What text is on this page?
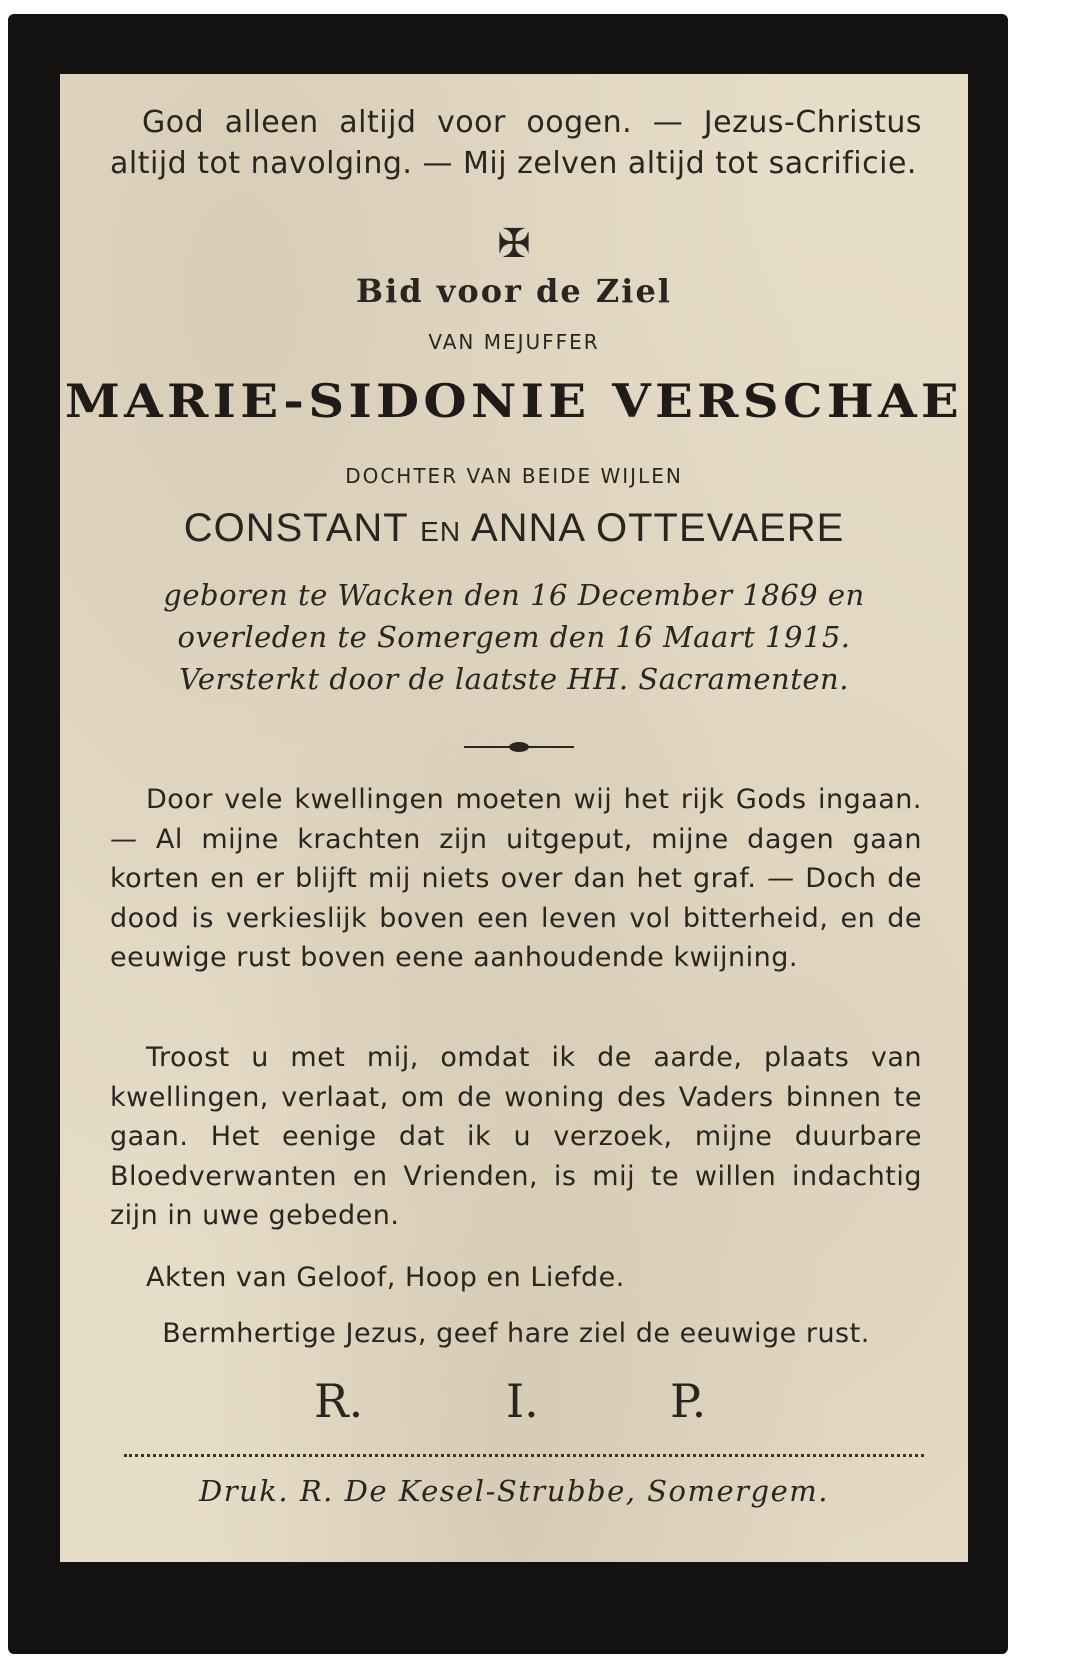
God alleen altijd voor oogen. — Jezus-Christus altijd tot navolging. — Mij zelven altijd tot sacrificie.

✠
Bid voor de Ziel
VAN MEJUFFER
MARIE-SIDONIE VERSCHAE
DOCHTER VAN BEIDE WIJLEN
CONSTANT EN ANNA OTTEVAERE
geboren te Wacken den 16 December 1869 en
overleden te Somergem den 16 Maart 1915.
Versterkt door de laatste HH. Sacramenten.

Door vele kwellingen moeten wij het rijk Gods ingaan. — Al mijne krachten zijn uitgeput, mijne dagen gaan korten en er blijft mij niets over dan het graf. — Doch de dood is verkieslijk boven een leven vol bitterheid, en de eeuwige rust boven eene aanhoudende kwijning.

Troost u met mij, omdat ik de aarde, plaats van kwellingen, verlaat, om de woning des Vaders binnen te gaan. Het eenige dat ik u verzoek, mijne duurbare Bloedverwanten en Vrienden, is mij te willen indachtig zijn in uwe gebeden.

Akten van Geloof, Hoop en Liefde.
Bermhertige Jezus, geef hare ziel de eeuwige rust.
R.	I.	P.
Druk. R. De Kesel-Strubbe, Somergem.
